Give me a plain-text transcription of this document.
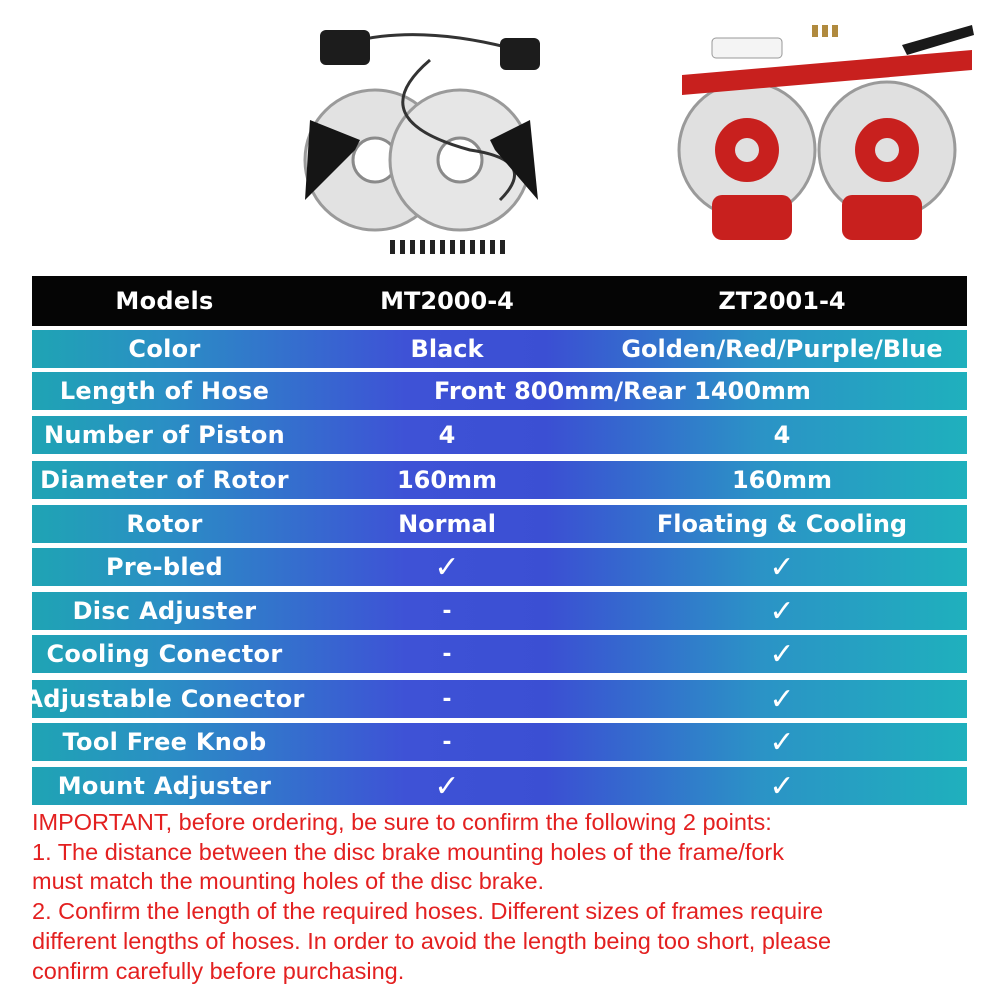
Models	MT2000-4	ZT2001-4
Color	Black	Golden/Red/Purple/Blue
Length of Hose	Front 800mm/Rear 1400mm
Number of Piston	4	4
Diameter of Rotor	160mm	160mm
Rotor	Normal	Floating & Cooling
Pre-bled	✓	✓
Disc Adjuster	-	✓
Cooling Conector	-	✓
Adjustable Conector	-	✓
Tool Free Knob	-	✓
Mount Adjuster	✓	✓
IMPORTANT, before ordering, be sure to confirm the following 2 points:
1. The distance between the disc brake mounting holes of the frame/fork
must match the mounting holes of the disc brake.
2. Confirm the length of the required hoses. Different sizes of frames require
different lengths of hoses. In order to avoid the length being too short, please
confirm carefully before purchasing.
